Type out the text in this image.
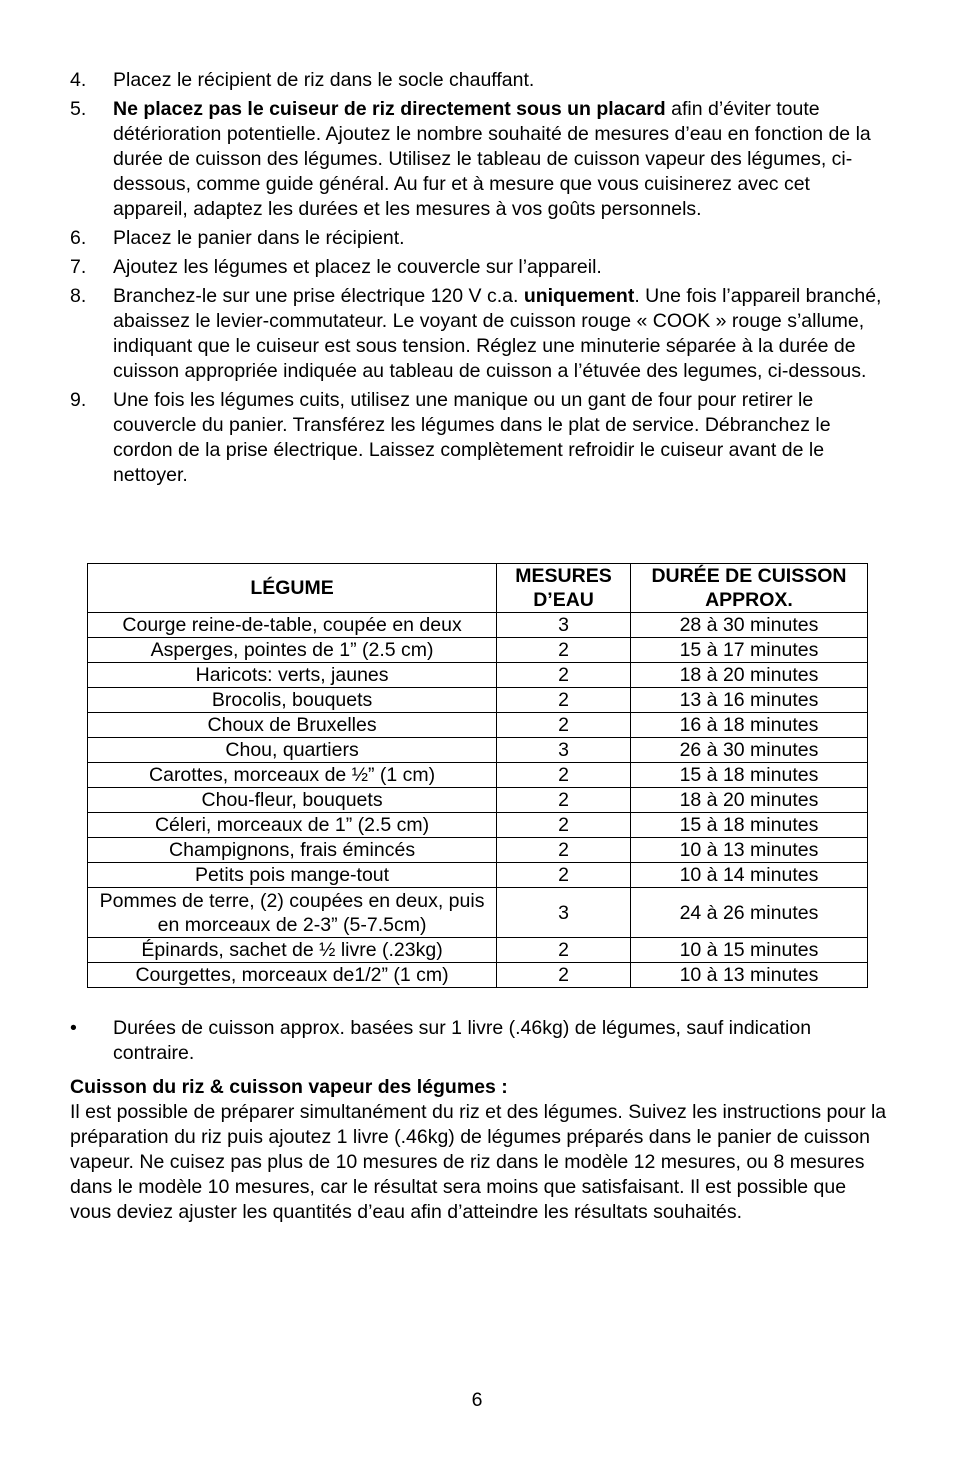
4. Placez le récipient de riz dans le socle chauffant.
5. Ne placez pas le cuiseur de riz directement sous un placard afin d’éviter toute détérioration potentielle. Ajoutez le nombre souhaité de mesures d’eau en fonction de la durée de cuisson des légumes. Utilisez le tableau de cuisson vapeur des légumes, ci-dessous, comme guide général. Au fur et à mesure que vous cuisinerez avec cet appareil, adaptez les durées et les mesures à vos goûts personnels.
6. Placez le panier dans le récipient.
7. Ajoutez les légumes et placez le couvercle sur l’appareil.
8. Branchez-le sur une prise électrique 120 V c.a. uniquement. Une fois l’appareil branché, abaissez le levier-commutateur. Le voyant de cuisson rouge « COOK » rouge s’allume, indiquant que le cuiseur est sous tension. Réglez une minuterie séparée à la durée de cuisson appropriée indiquée au tableau de cuisson a l’étuvée des legumes, ci-dessous.
9. Une fois les légumes cuits, utilisez une manique ou un gant de four pour retirer le couvercle du panier. Transférez les légumes dans le plat de service. Débranchez le cordon de la prise électrique. Laissez complètement refroidir le cuiseur avant de le nettoyer.
LÉGUME	MESURES D’EAU	DURÉE DE CUISSON APPROX.
Courge reine-de-table, coupée en deux	3	28 à 30 minutes
Asperges, pointes de 1” (2.5 cm)	2	15 à 17 minutes
Haricots: verts, jaunes	2	18 à 20 minutes
Brocolis, bouquets	2	13 à 16 minutes
Choux de Bruxelles	2	16 à 18 minutes
Chou, quartiers	3	26 à 30 minutes
Carottes, morceaux de ½” (1 cm)	2	15 à 18 minutes
Chou-fleur, bouquets	2	18 à 20 minutes
Céleri, morceaux de 1” (2.5 cm)	2	15 à 18 minutes
Champignons, frais émincés	2	10 à 13 minutes
Petits pois mange-tout	2	10 à 14 minutes
Pommes de terre, (2) coupées en deux, puis en morceaux de 2-3” (5-7.5cm)	3	24 à 26 minutes
Épinards, sachet de ½ livre (.23kg)	2	10 à 15 minutes
Courgettes, morceaux de1/2” (1 cm)	2	10 à 13 minutes
•	Durées de cuisson approx. basées sur 1 livre (.46kg) de légumes, sauf indication contraire.
Cuisson du riz & cuisson vapeur des légumes :
Il est possible de préparer simultanément du riz et des légumes. Suivez les instructions pour la préparation du riz puis ajoutez 1 livre (.46kg) de légumes préparés dans le panier de cuisson vapeur. Ne cuisez pas plus de 10 mesures de riz dans le modèle 12 mesures, ou 8 mesures dans le modèle 10 mesures, car le résultat sera moins que satisfaisant. Il est possible que vous deviez ajuster les quantités d’eau afin d’atteindre les résultats souhaités.
6
